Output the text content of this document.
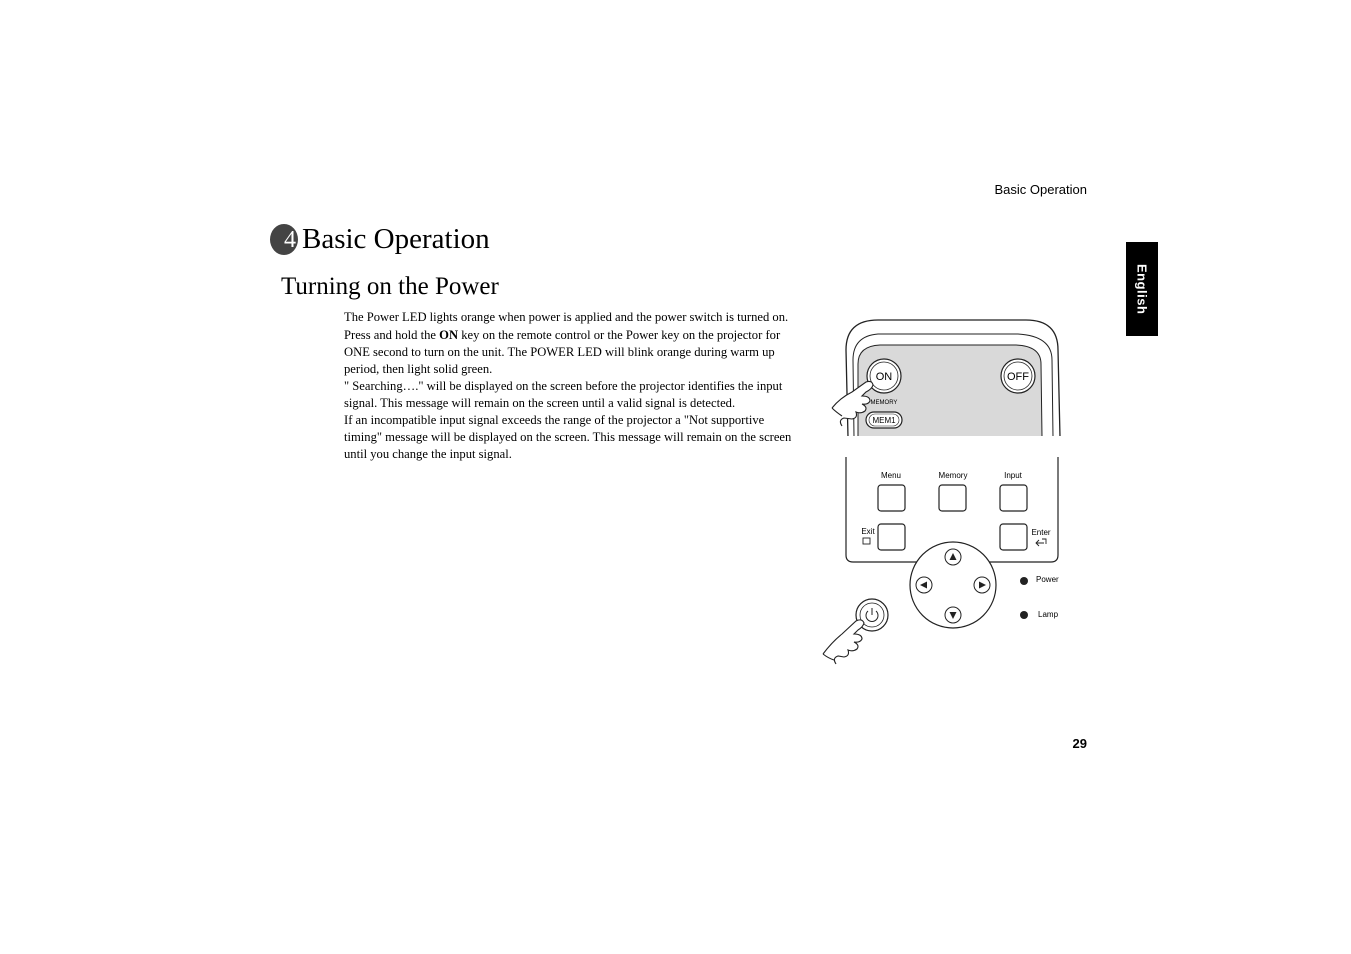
Basic Operation
English
4 Basic Operation
Turning on the Power

The Power LED lights orange when power is applied and the power switch is turned on.

Press and hold the ON key on the remote control or the Power key on the projector for ONE second to turn on the unit. The POWER LED will blink orange during warm up period, then light solid green.

" Searching…." will be displayed on the screen before the projector identifies the input signal. This message will remain on the screen until a valid signal is detected.

If an incompatible input signal exceeds the range of the projector a "Not supportive timing" message will be displayed on the screen. This message will remain on the screen until you change the input signal.

ON	OFF
MEMORY
MEM1
Menu	Memory	Input
Exit	Enter
Power
Lamp
29
